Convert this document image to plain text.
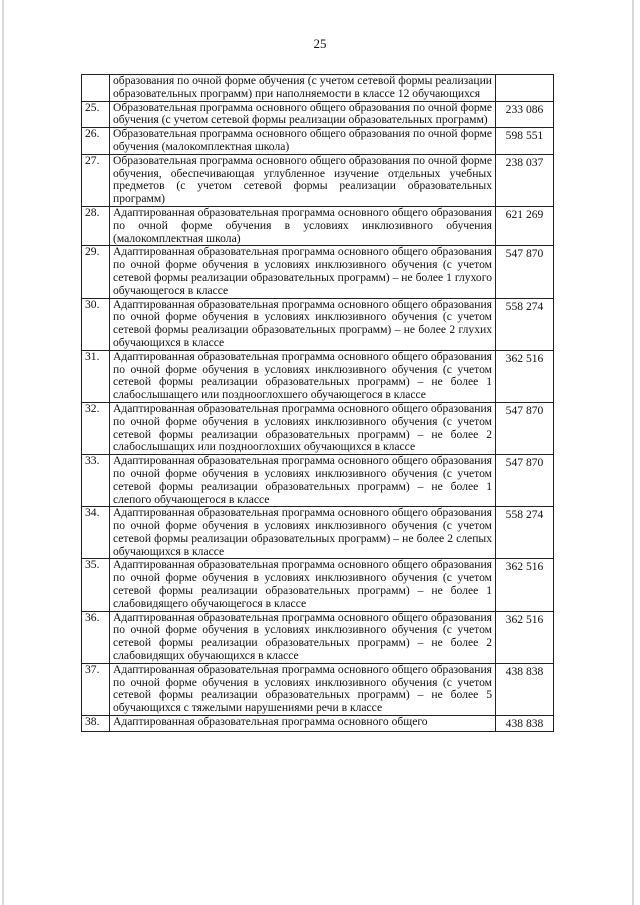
25
	образования по очной форме обучения (с учетом сетевой формы реализации образовательных программ) при наполняемости в классе 12 обучающихся	
25.	Образовательная программа основного общего образования по очной форме обучения (с учетом сетевой формы реализации образовательных программ)	233 086
26.	Образовательная программа основного общего образования по очной форме обучения (малокомплектная школа)	598 551
27.	Образовательная программа основного общего образования по очной форме обучения, обеспечивающая углубленное изучение отдельных учебных предметов (с учетом сетевой формы реализации образовательных программ)	238 037
28.	Адаптированная образовательная программа основного общего образования по очной форме обучения в условиях инклюзивного обучения (малокомплектная школа)	621 269
29.	Адаптированная образовательная программа основного общего образования по очной форме обучения в условиях инклюзивного обучения (с учетом сетевой формы реализации образовательных программ) – не более 1 глухого обучающегося в классе	547 870
30.	Адаптированная образовательная программа основного общего образования по очной форме обучения в условиях инклюзивного обучения (с учетом сетевой формы реализации образовательных программ) – не более 2 глухих обучающихся в классе	558 274
31.	Адаптированная образовательная программа основного общего образования по очной форме обучения в условиях инклюзивного обучения (с учетом сетевой формы реализации образовательных программ) – не более 1 слабослышащего или позднооглохшего обучающегося в классе	362 516
32.	Адаптированная образовательная программа основного общего образования по очной форме обучения в условиях инклюзивного обучения (с учетом сетевой формы реализации образовательных программ) – не более 2 слабослышащих или позднооглохших обучающихся в классе	547 870
33.	Адаптированная образовательная программа основного общего образования по очной форме обучения в условиях инклюзивного обучения (с учетом сетевой формы реализации образовательных программ) – не более 1 слепого обучающегося в классе	547 870
34.	Адаптированная образовательная программа основного общего образования по очной форме обучения в условиях инклюзивного обучения (с учетом сетевой формы реализации образовательных программ) – не более 2 слепых обучающихся в классе	558 274
35.	Адаптированная образовательная программа основного общего образования по очной форме обучения в условиях инклюзивного обучения (с учетом сетевой формы реализации образовательных программ) – не более 1 слабовидящего обучающегося в классе	362 516
36.	Адаптированная образовательная программа основного общего образования по очной форме обучения в условиях инклюзивного обучения (с учетом сетевой формы реализации образовательных программ) – не более 2 слабовидящих обучающихся в классе	362 516
37.	Адаптированная образовательная программа основного общего образования по очной форме обучения в условиях инклюзивного обучения (с учетом сетевой формы реализации образовательных программ) – не более 5 обучающихся с тяжелыми нарушениями речи в классе	438 838
38.	Адаптированная образовательная программа основного общего	438 838
